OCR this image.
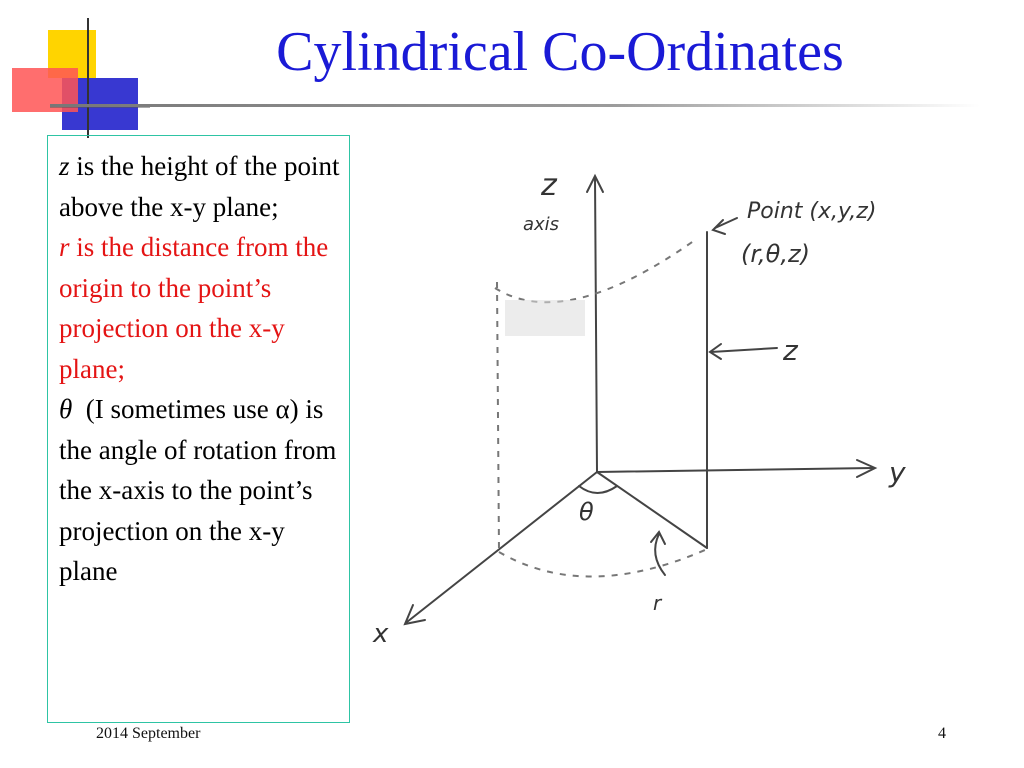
Cylindrical Co-Ordinates

z is the height of the point above the x-y plane;

r is the distance from the origin to the point’s projection on the x-y plane;

θ (I sometimes use α) is the angle of rotation from the x-axis to the point’s projection on the x-y plane

z
axis
Point (x,y,z)
(r,θ,z)
z
y
x
θ
r
2014 September	4
